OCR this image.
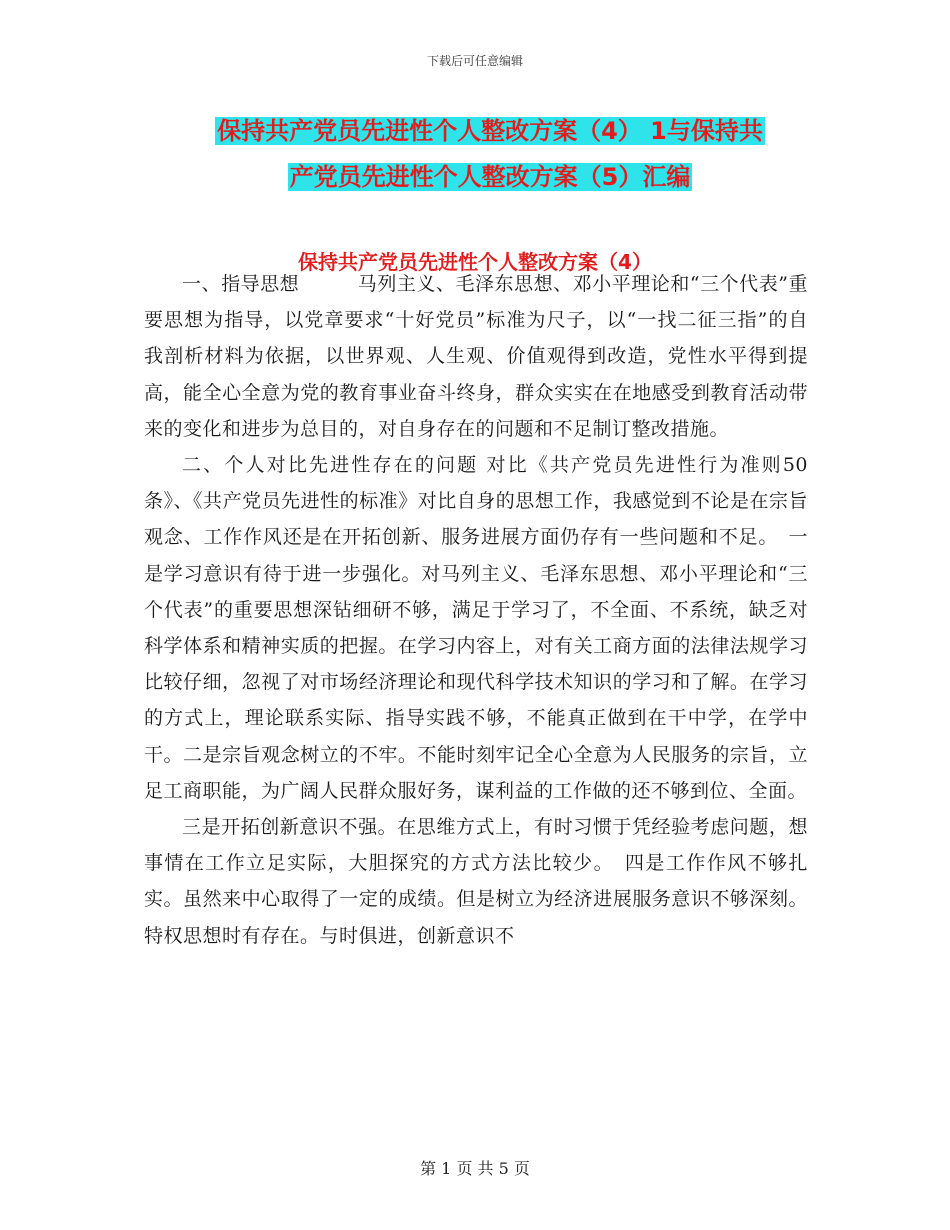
下载后可任意编辑
保持共产党员先进性个人整改方案（4） 1与保持共
产党员先进性个人整改方案（5）汇编
保持共产党员先进性个人整改方案（4）

一、指导思想　　　马列主义、毛泽东思想、邓小平理论和“三个代表”重要思想为指导，以党章要求“十好党员”标准为尺子，以“一找二征三指”的自我剖析材料为依据，以世界观、人生观、价值观得到改造，党性水平得到提高，能全心全意为党的教育事业奋斗终身，群众实实在在地感受到教育活动带来的变化和进步为总目的，对自身存在的问题和不足制订整改措施。

二、个人对比先进性存在的问题 对比《共产党员先进性行为准则50条》、《共产党员先进性的标准》对比自身的思想工作，我感觉到不论是在宗旨观念、工作作风还是在开拓创新、服务进展方面仍存有一些问题和不足。　一是学习意识有待于进一步强化。对马列主义、毛泽东思想、邓小平理论和“三个代表”的重要思想深钻细研不够，满足于学习了，不全面、不系统，缺乏对科学体系和精神实质的把握。在学习内容上，对有关工商方面的法律法规学习比较仔细，忽视了对市场经济理论和现代科学技术知识的学习和了解。在学习的方式上，理论联系实际、指导实践不够，不能真正做到在干中学，在学中干。二是宗旨观念树立的不牢。不能时刻牢记全心全意为人民服务的宗旨，立足工商职能，为广阔人民群众服好务，谋利益的工作做的还不够到位、全面。

三是开拓创新意识不强。在思维方式上，有时习惯于凭经验考虑问题，想事情在工作立足实际，大胆探究的方式方法比较少。　四是工作作风不够扎实。虽然来中心取得了一定的成绩。但是树立为经济进展服务意识不够深刻。特权思想时有存在。与时俱进，创新意识不

第 1 页 共 5 页
